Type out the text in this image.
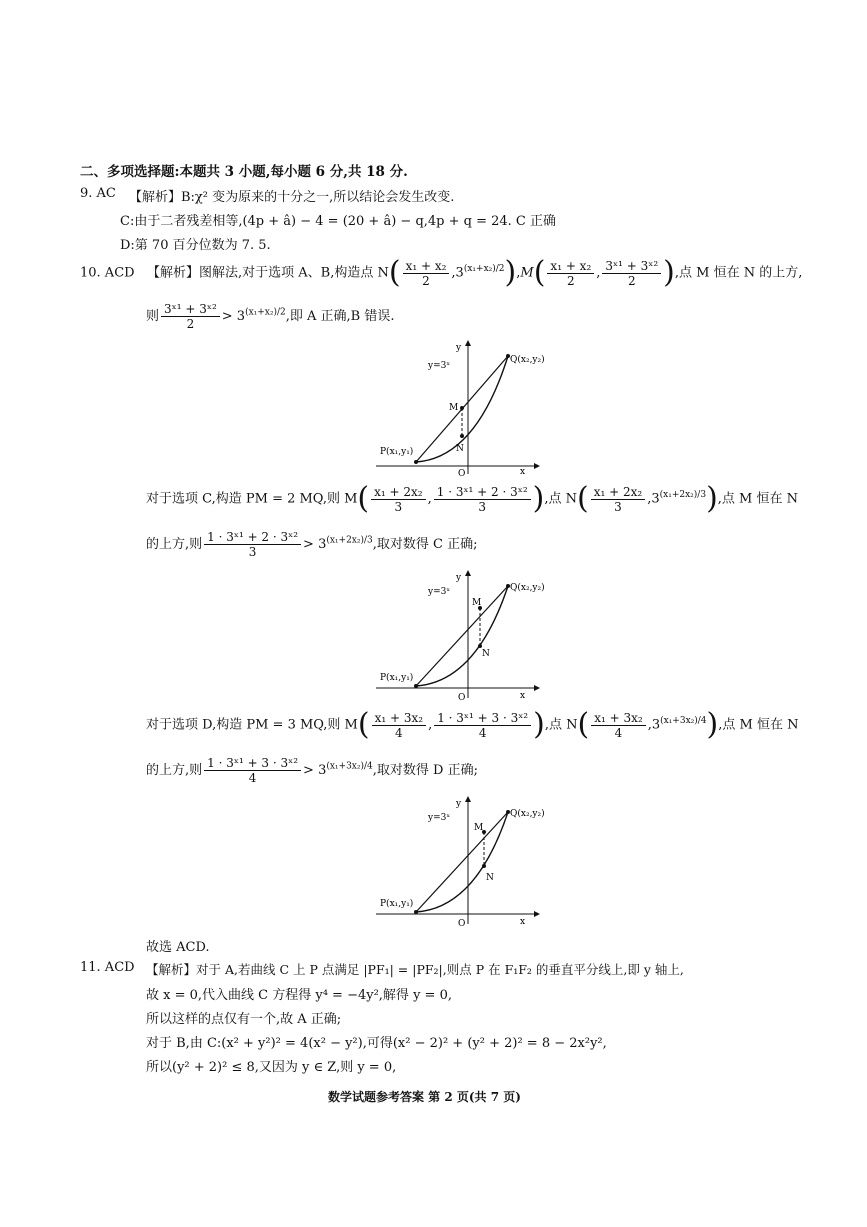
二、多项选择题:本题共 3 小题,每小题 6 分,共 18 分.
9. AC 【解析】B:χ² 变为原来的十分之一,所以结论会发生改变.
C:由于二者残差相等,(4p + â) − 4 = (20 + â) − q,4p + q = 24. C 正确
D:第 70 百分位数为 7. 5.
10. ACD 【解析】图解法,对于选项 A、B,构造点 $N( \frac{\text{x₁ + x₂}}{2} ,3^{(x_1+x_2)/2}),M( \frac{\text{x₁ + x₂}}{2}$ , $\frac{\text{3ˣ¹ + 3ˣ²}}{2}$ ),点 M 恒在 N 的上方,
则 $\frac{\text{3ˣ¹ + 3ˣ²}}{2} > 3^{(x_1+x_2)/2}$,即 A 正确,B 错误.
y=3ˣ
y
x
O
P(x₁,y₁)
Q(x₂,y₂)
M
N
对于选项 C,构造 PM = 2 MQ,则 $M( \frac{\text{x₁ + 2x₂}}{3}$ , $\frac{\text{1 · 3ˣ¹ + 2 · 3ˣ²}}{3}$ ),点 $N( \frac{\text{x₁ + 2x₂}}{3} ,3^{(x_1+2x_2)/3})$,点 M 恒在 N
的上方,则 $\frac{\text{1 · 3ˣ¹ + 2 · 3ˣ²}}{3} > 3^{(x_1+2x_2)/3}$,取对数得 C 正确;
y=3ˣ
y
x
O
P(x₁,y₁)
Q(x₂,y₂)
M
N
对于选项 D,构造 PM = 3 MQ,则 $M( \frac{\text{x₁ + 3x₂}}{4}$ , $\frac{\text{1 · 3ˣ¹ + 3 · 3ˣ²}}{4}$ ),点 $N( \frac{\text{x₁ + 3x₂}}{4} ,3^{(x_1+3x_2)/4})$,点 M 恒在 N
的上方,则 $\frac{\text{1 · 3ˣ¹ + 3 · 3ˣ²}}{4} > 3^{(x_1+3x_2)/4}$,取对数得 D 正确;
y=3ˣ
y
x
O
P(x₁,y₁)
Q(x₂,y₂)
M
N
故选 ACD.
11. ACD 【解析】对于 A,若曲线 C 上 P 点满足 |PF₁| = |PF₂|,则点 P 在 F₁F₂ 的垂直平分线上,即 y 轴上,
故 x = 0,代入曲线 C 方程得 y⁴ = −4y²,解得 y = 0,
所以这样的点仅有一个,故 A 正确;
对于 B,由 C:(x² + y²)² = 4(x² − y²),可得(x² − 2)² + (y² + 2)² = 8 − 2x²y²,
所以(y² + 2)² ≤ 8,又因为 y ∈ Z,则 y = 0,
数学试题参考答案 第 2 页(共 7 页)
